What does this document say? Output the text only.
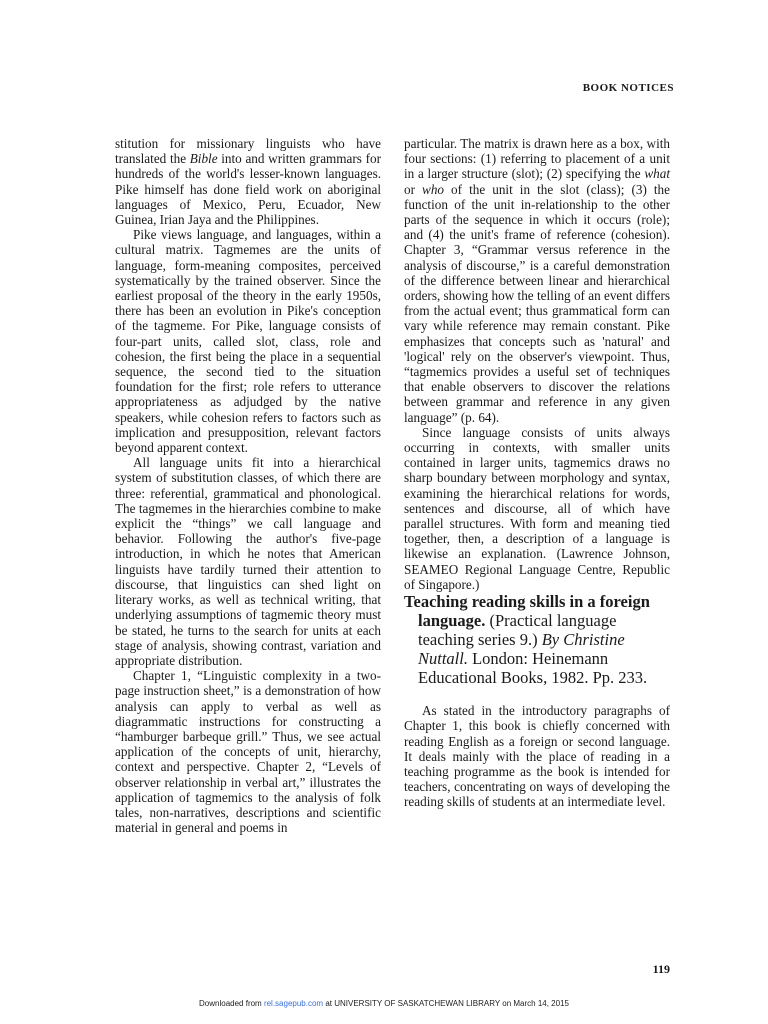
BOOK NOTICES

stitution for missionary linguists who have translated the Bible into and written grammars for hundreds of the world's lesser-known languages. Pike himself has done field work on aboriginal languages of Mexico, Peru, Ecuador, New Guinea, Irian Jaya and the Philippines.

Pike views language, and languages, within a cultural matrix. Tagmemes are the units of language, form-meaning composites, perceived systematically by the trained observer. Since the earliest proposal of the theory in the early 1950s, there has been an evolution in Pike's conception of the tagmeme. For Pike, language consists of four-part units, called slot, class, role and cohesion, the first being the place in a sequential sequence, the second tied to the situation foundation for the first; role refers to utterance appropriateness as adjudged by the native speakers, while cohesion refers to factors such as implication and presupposition, relevant factors beyond apparent context.

All language units fit into a hierarchical system of substitution classes, of which there are three: referential, grammatical and phonological. The tagmemes in the hierarchies combine to make explicit the “things” we call language and behavior. Following the author's five-page introduction, in which he notes that American linguists have tardily turned their attention to discourse, that linguistics can shed light on literary works, as well as technical writing, that underlying assumptions of tagmemic theory must be stated, he turns to the search for units at each stage of analysis, showing contrast, variation and appropriate distribution.

Chapter 1, “Linguistic complexity in a two-page instruction sheet,” is a demonstration of how analysis can apply to verbal as well as diagrammatic instructions for constructing a “hamburger barbeque grill.” Thus, we see actual application of the concepts of unit, hierarchy, context and perspective. Chapter 2, “Levels of observer relationship in verbal art,” illustrates the application of tagmemics to the analysis of folk tales, non-narratives, descriptions and scientific material in general and poems in

particular. The matrix is drawn here as a box, with four sections: (1) referring to placement of a unit in a larger structure (slot); (2) specifying the what or who of the unit in the slot (class); (3) the function of the unit in-relationship to the other parts of the sequence in which it occurs (role); and (4) the unit's frame of reference (cohesion). Chapter 3, “Grammar versus reference in the analysis of discourse,” is a careful demonstration of the difference between linear and hierarchical orders, showing how the telling of an event differs from the actual event; thus grammatical form can vary while reference may remain constant. Pike emphasizes that concepts such as 'natural' and 'logical' rely on the observer's viewpoint. Thus, “tagmemics provides a useful set of techniques that enable observers to discover the relations between grammar and reference in any given language” (p. 64).

Since language consists of units always occurring in contexts, with smaller units contained in larger units, tagmemics draws no sharp boundary between morphology and syntax, examining the hierarchical relations for words, sentences and discourse, all of which have parallel structures. With form and meaning tied together, then, a description of a language is likewise an explanation. (Lawrence Johnson, SEAMEO Regional Language Centre, Republic of Singapore.)

Teaching reading skills in a foreign language. (Practical language teaching series 9.) By Christine Nuttall. London: Heinemann Educational Books, 1982. Pp. 233.

As stated in the introductory paragraphs of Chapter 1, this book is chiefly concerned with reading English as a foreign or second language. It deals mainly with the place of reading in a teaching programme as the book is intended for teachers, concentrating on ways of developing the reading skills of students at an intermediate level.

119
Downloaded from rel.sagepub.com at UNIVERSITY OF SASKATCHEWAN LIBRARY on March 14, 2015
